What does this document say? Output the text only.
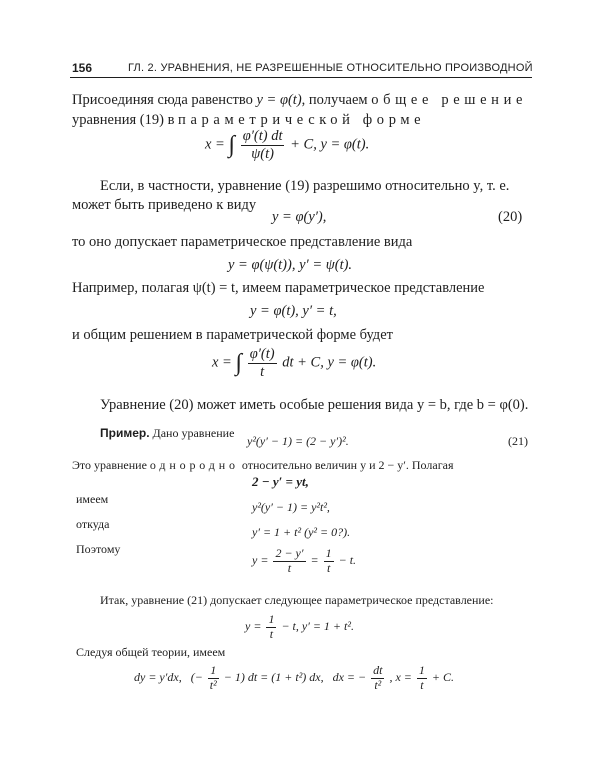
156	ГЛ. 2. УРАВНЕНИЯ, НЕ РАЗРЕШЕННЫЕ ОТНОСИТЕЛЬНО ПРОИЗВОДНОЙ
Присоединяя сюда равенство y = φ(t), получаем общее решение
уравнения (19) в параметрической форме
x = ∫ $\frac{\varphi'(t) dt}{\psi(t)} + C$, y = φ(t).
Если, в частности, уравнение (19) разрешимо относительно y, т. е.
может быть приведено к виду
y = φ(y′),	(20)
то оно допускает параметрическое представление вида
y = φ(ψ(t)), y′ = ψ(t).
Например, полагая ψ(t) = t, имеем параметрическое представление
y = φ(t), y′ = t,
и общим решением в параметрической форме будет
x = ∫ $\frac{\varphi'(t)}{t}$ dt + C, y = φ(t).
Уравнение (20) может иметь особые решения вида y = b, где b = φ(0).
Пример. Дано уравнение
y²(y′ − 1) = (2 − y′)².	(21)
Это уравнение однородно относительно величин y и 2 − y′. Полагая
2 − y′ = yt,
имеем
y²(y′ − 1) = y²t²,
откуда
y′ = 1 + t² (y² = 0?).
Поэтому
$y = \frac{2 - y'}{t} = \frac{1}{t} - t$.
Итак, уравнение (21) допускает следующее параметрическое представление:
$y = \frac{1}{t} - t$, y′ = 1 + t².
Следуя общей теории, имеем
dy = y′dx, (− $\frac{1}{\text{t²}} - 1$) dt = (1 + t²) dx, dx = − $\frac{dt}{\text{t²}}$ , $x = \frac{1}{t} + C$.
